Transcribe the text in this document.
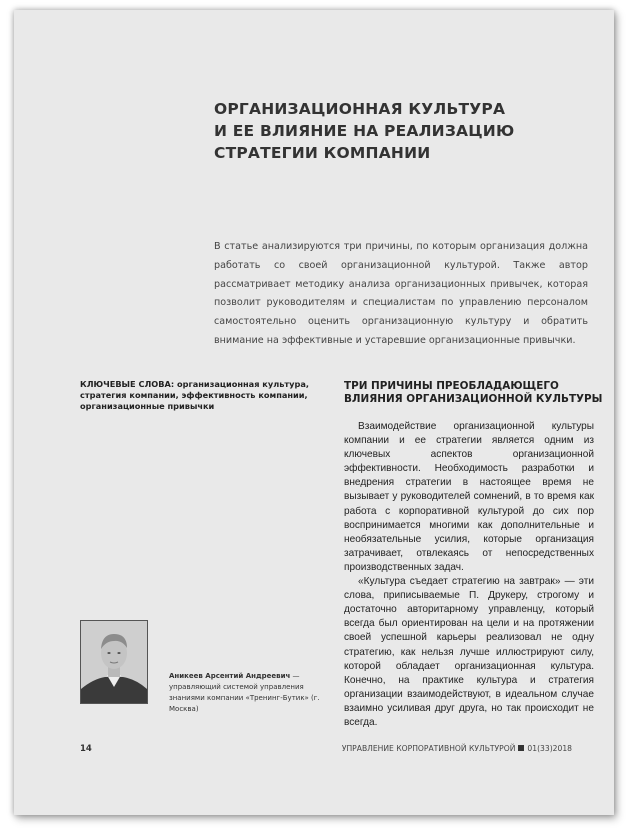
ОРГАНИЗАЦИОННАЯ КУЛЬТУРА
И ЕЕ ВЛИЯНИЕ НА РЕАЛИЗАЦИЮ
СТРАТЕГИИ КОМПАНИИ
В статье анализируются три причины, по которым организация должна работать со своей организационной культурой. Также автор рассматривает методику анализа организационных привычек, которая позволит руководителям и специалистам по управлению персоналом самостоятельно оценить организационную культуру и обратить внимание на эффективные и устаревшие организационные привычки.
КЛЮЧЕВЫЕ СЛОВА: организационная культура, стратегия компании, эффективность компании, организационные привычки
ТРИ ПРИЧИНЫ ПРЕОБЛАДАЮЩЕГО
ВЛИЯНИЯ ОРГАНИЗАЦИОННОЙ КУЛЬТУРЫ

Взаимодействие организационной культуры компании и ее стратегии является одним из ключевых аспектов организационной эффективности. Необходимость разработки и внедрения стратегии в настоящее время не вызывает у руководителей сомнений, в то время как работа с корпоративной культурой до сих пор воспринимается многими как дополнительные и необязательные усилия, которые организация затрачивает, отвлекаясь от непосредственных производственных задач.

«Культура съедает стратегию на завтрак» — эти слова, приписываемые П. Друкеру, строгому и достаточно авторитарному управленцу, который всегда был ориентирован на цели и на протяжении своей успешной карьеры реализовал не одну стратегию, как нельзя лучше иллюстрируют силу, которой обладает организационная культура. Конечно, на практике культура и стратегия организации взаимодействуют, в идеальном случае взаимно усиливая друг друга, но так происходит не всегда.

Аникеев Арсентий Андреевич — управляющий системой управления знаниями компании «Тренинг-Бутик» (г. Москва)
14	УПРАВЛЕНИЕ КОРПОРАТИВНОЙ КУЛЬТУРОЙ 01(33)2018
